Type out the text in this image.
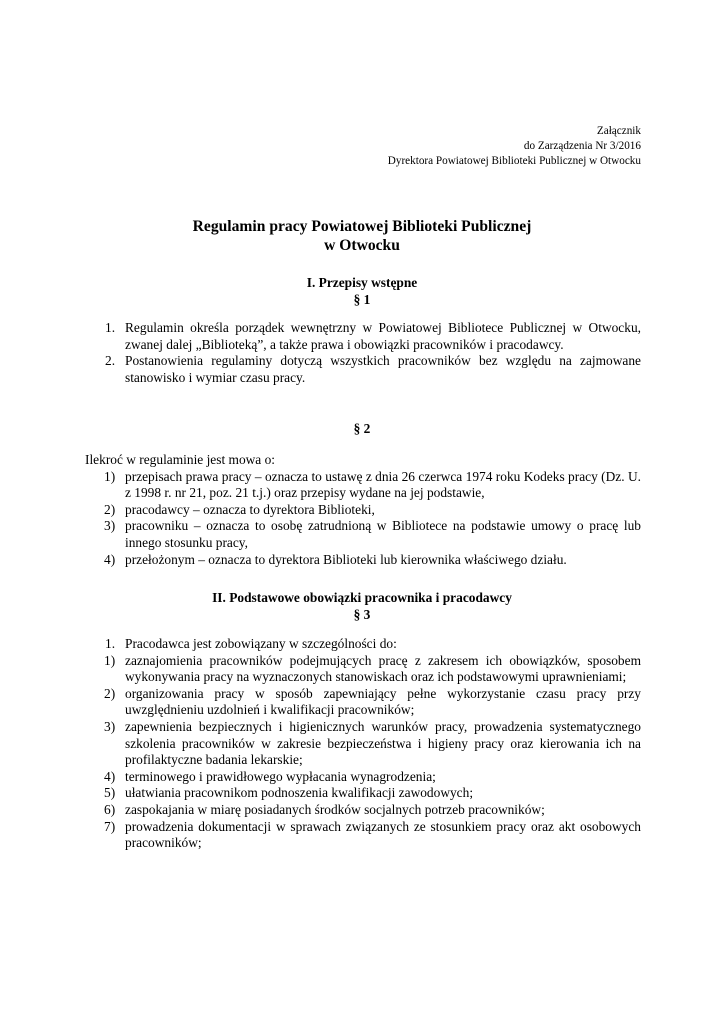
Załącznik
do Zarządzenia Nr 3/2016
Dyrektora Powiatowej Biblioteki Publicznej w Otwocku
Regulamin pracy Powiatowej Biblioteki Publicznej
w Otwocku
I. Przepisy wstępne
§ 1
1. Regulamin określa porządek wewnętrzny w Powiatowej Bibliotece Publicznej w Otwocku, zwanej dalej „Biblioteką”, a także prawa i obowiązki pracowników i pracodawcy.
2. Postanowienia regulaminy dotyczą wszystkich pracowników bez względu na zajmowane stanowisko i wymiar czasu pracy.
§ 2
Ilekroć w regulaminie jest mowa o:
1) przepisach prawa pracy – oznacza to ustawę z dnia 26 czerwca 1974 roku Kodeks pracy (Dz. U. z 1998 r. nr 21, poz. 21 t.j.) oraz przepisy wydane na jej podstawie,
2) pracodawcy – oznacza to dyrektora Biblioteki,
3) pracowniku – oznacza to osobę zatrudnioną w Bibliotece na podstawie umowy o pracę lub innego stosunku pracy,
4) przełożonym – oznacza to dyrektora Biblioteki lub kierownika właściwego działu.
II. Podstawowe obowiązki pracownika i pracodawcy
§ 3
1. Pracodawca jest zobowiązany w szczególności do:
1) zaznajomienia pracowników podejmujących pracę z zakresem ich obowiązków, sposobem wykonywania pracy na wyznaczonych stanowiskach oraz ich podstawowymi uprawnieniami;
2) organizowania pracy w sposób zapewniający pełne wykorzystanie czasu pracy przy uwzględnieniu uzdolnień i kwalifikacji pracowników;
3) zapewnienia bezpiecznych i higienicznych warunków pracy, prowadzenia systematycznego szkolenia pracowników w zakresie bezpieczeństwa i higieny pracy oraz kierowania ich na profilaktyczne badania lekarskie;
4) terminowego i prawidłowego wypłacania wynagrodzenia;
5) ułatwiania pracownikom podnoszenia kwalifikacji zawodowych;
6) zaspokajania w miarę posiadanych środków socjalnych potrzeb pracowników;
7) prowadzenia dokumentacji w sprawach związanych ze stosunkiem pracy oraz akt osobowych pracowników;
